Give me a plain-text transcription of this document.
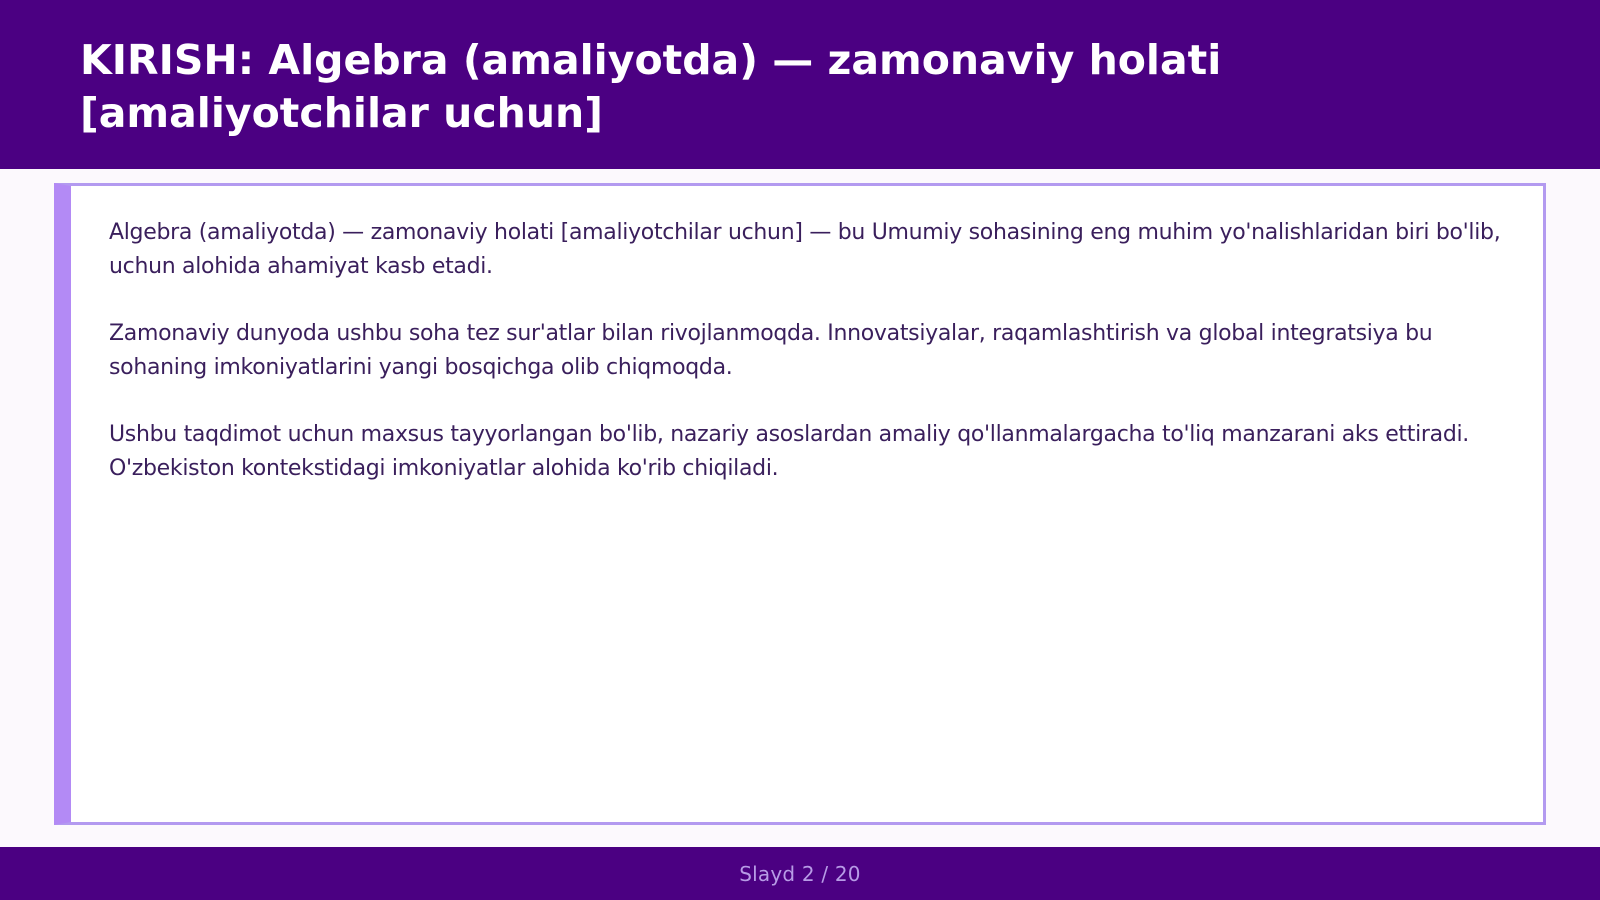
KIRISH: Algebra (amaliyotda) — zamonaviy holati [amaliyotchilar uchun]

Algebra (amaliyotda) — zamonaviy holati [amaliyotchilar uchun] — bu Umumiy sohasining eng muhim yo'nalishlaridan biri bo'lib, uchun alohida ahamiyat kasb etadi.

Zamonaviy dunyoda ushbu soha tez sur'atlar bilan rivojlanmoqda. Innovatsiyalar, raqamlashtirish va global integratsiya bu sohaning imkoniyatlarini yangi bosqichga olib chiqmoqda.

Ushbu taqdimot uchun maxsus tayyorlangan bo'lib, nazariy asoslardan amaliy qo'llanmalargacha to'liq manzarani aks ettiradi. O'zbekiston kontekstidagi imkoniyatlar alohida ko'rib chiqiladi.

Slayd 2 / 20
